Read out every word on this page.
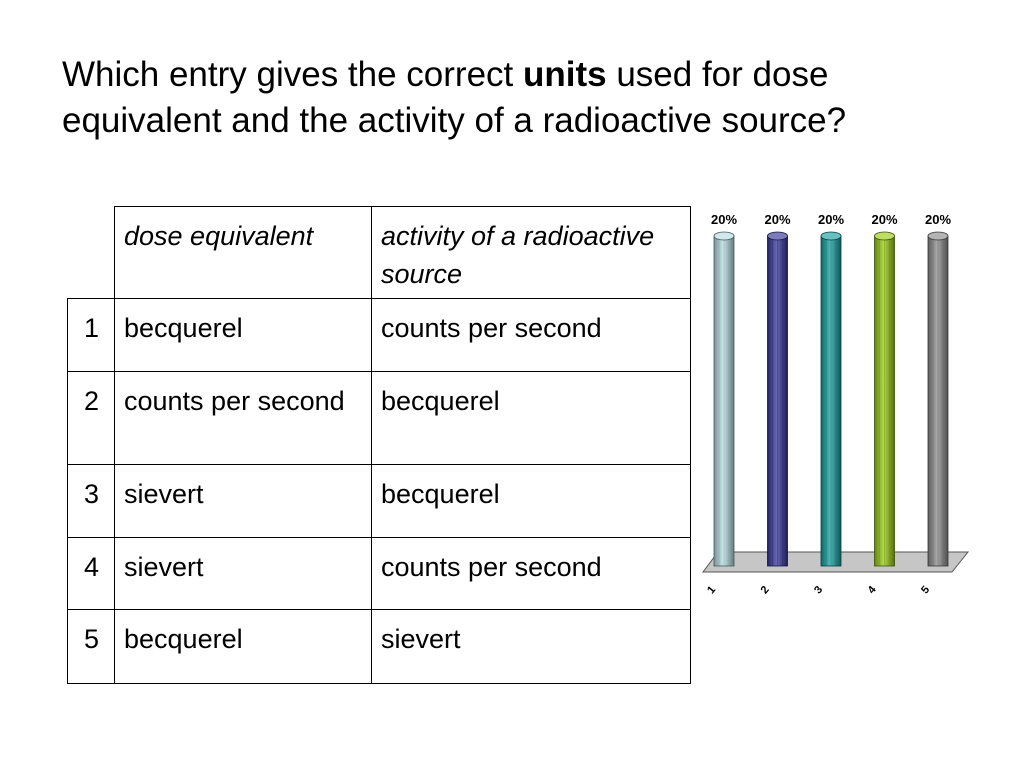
Which entry gives the correct units used for dose equivalent and the activity of a radioactive source?
	dose equivalent	activity of a radioactive source
1	becquerel	counts per second
2	counts per second	becquerel
3	sievert	becquerel
4	sievert	counts per second
5	becquerel	sievert
20%
1
20%
2
20%
3
20%
4
20%
5
